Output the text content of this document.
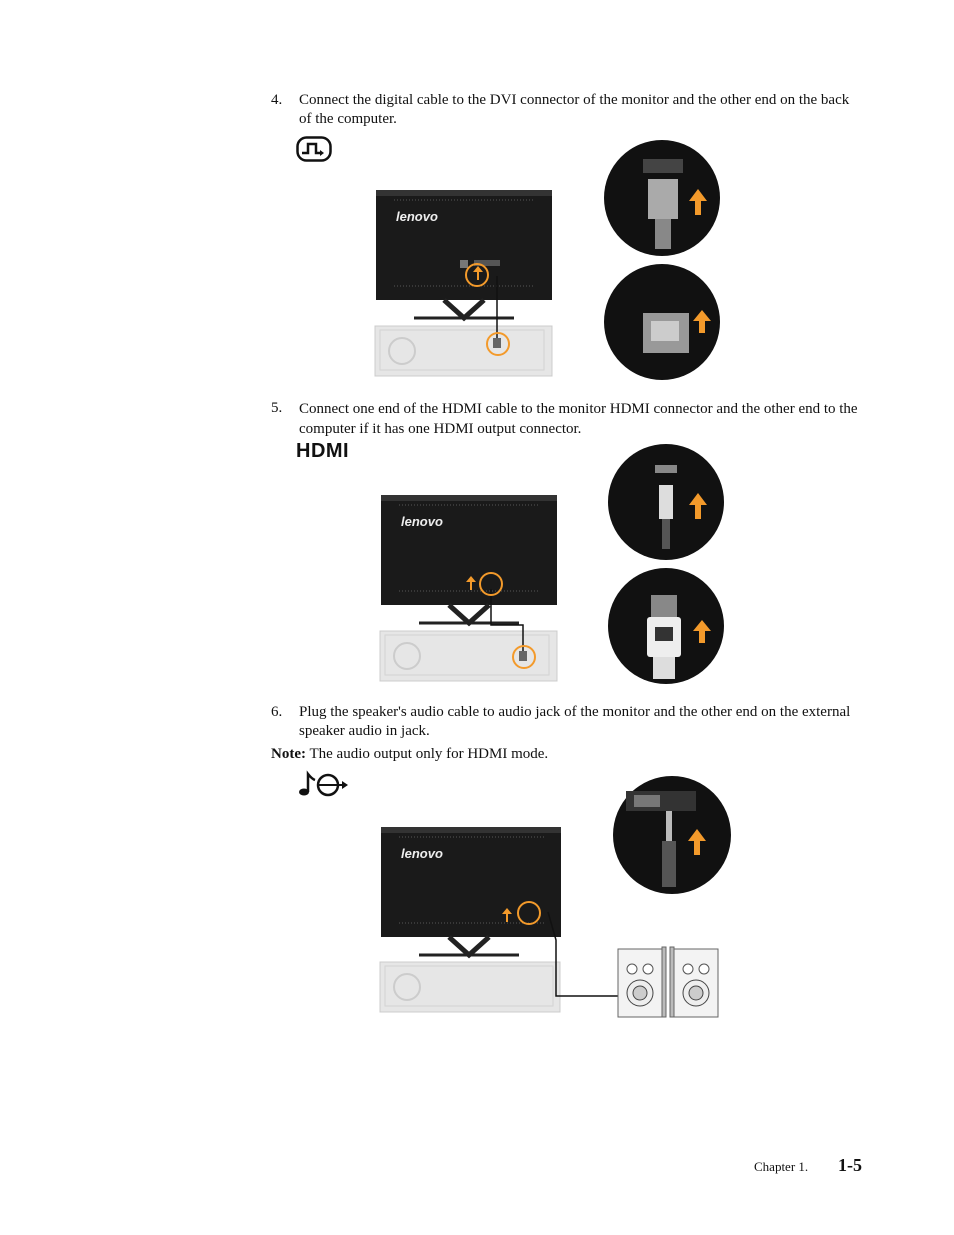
4. Connect the digital cable to the DVI connector of the monitor and the other end on the back of the computer.
lenovo
5. Connect one end of the HDMI cable to the monitor HDMI connector and the other end to the computer if it has one HDMI output connector.
HDMI
lenovo
6. Plug the speaker's audio cable to audio jack of the monitor and the other end on the external speaker audio in jack.
Note: The audio output only for HDMI mode.
lenovo
Chapter 1. 1-5
